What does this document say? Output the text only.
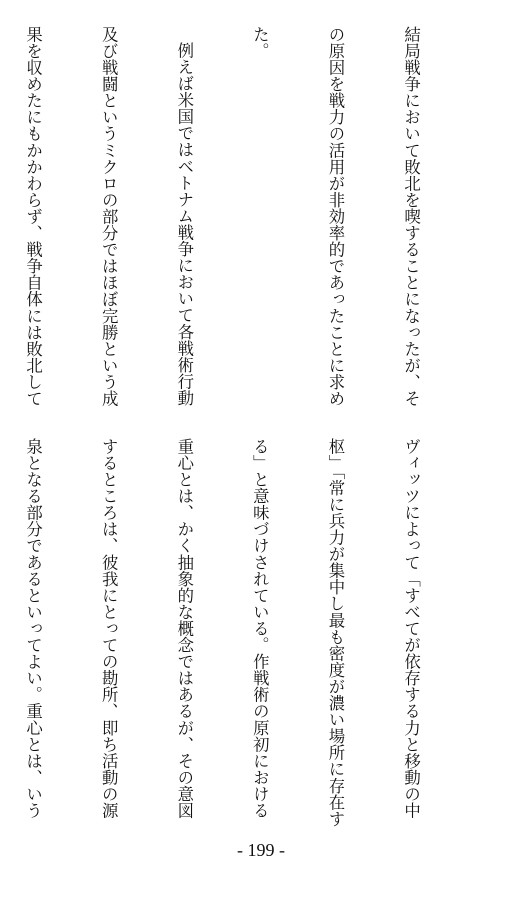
結局戦争において敗北を喫することになったが、そ

の原因を戦力の活用が非効率的であったことに求め

た。

例えば米国ではベトナム戦争において各戦術行動

及び戦闘というミクロの部分ではほぼ完勝という成

果を収めたにもかかわらず、戦争自体には敗北して

ヴィッツによって「すべてが依存する力と移動の中

枢」「常に兵力が集中し最も密度が濃い場所に存在す

る」と意味づけされている。作戦術の原初における

重心とは、かく抽象的な概念ではあるが、その意図

するところは、彼我にとっての勘所、即ち活動の源

泉となる部分であるといってよい。重心とは、いう

- 199 -
